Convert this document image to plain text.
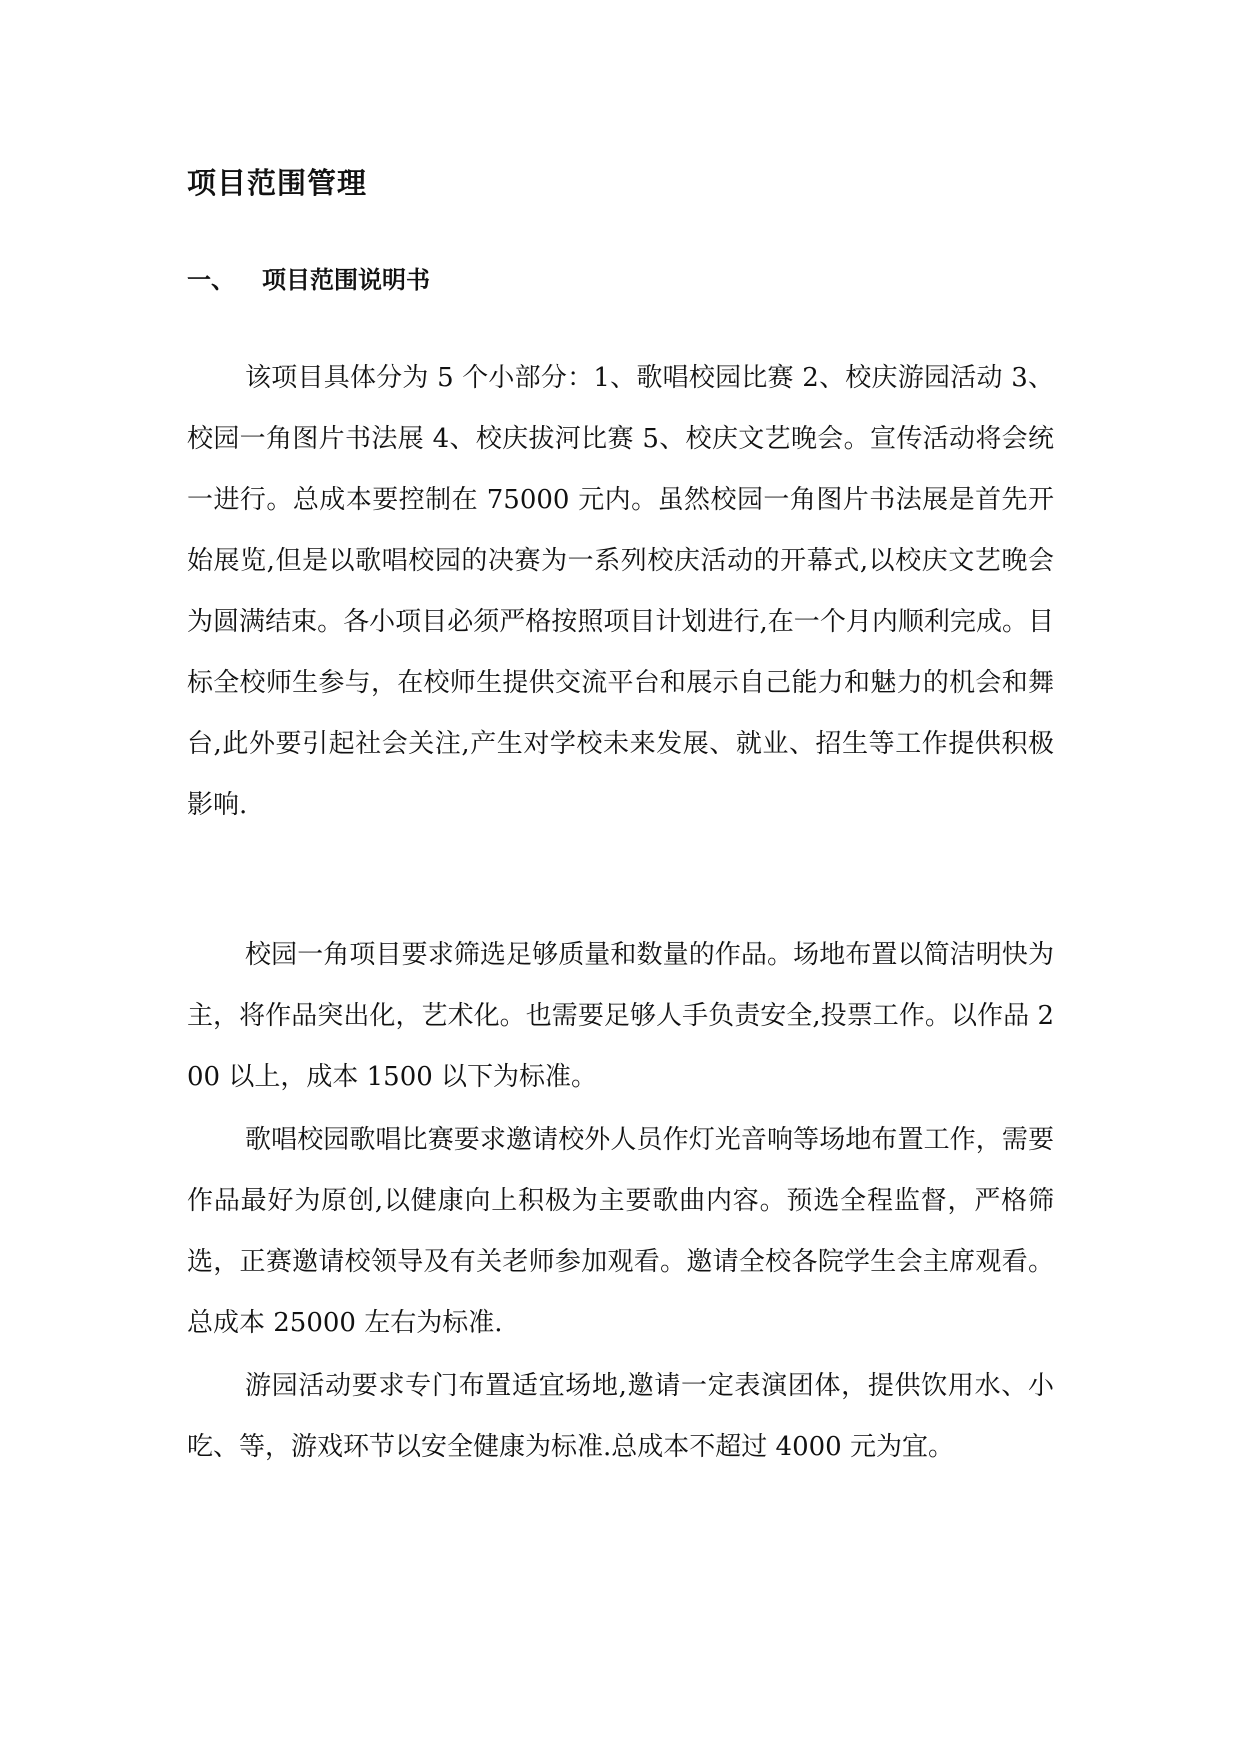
项目范围管理
一、 项目范围说明书

该项目具体分为 5 个小部分：1、歌唱校园比赛 2、校庆游园活动 3、校园一角图片书法展 4、校庆拔河比赛 5、校庆文艺晚会。宣传活动将会统一进行。总成本要控制在 75000 元内。虽然校园一角图片书法展是首先开始展览,但是以歌唱校园的决赛为一系列校庆活动的开幕式,以校庆文艺晚会为圆满结束。各小项目必须严格按照项目计划进行,在一个月内顺利完成。目标全校师生参与，在校师生提供交流平台和展示自己能力和魅力的机会和舞台,此外要引起社会关注,产生对学校未来发展、就业、招生等工作提供积极影响.

校园一角项目要求筛选足够质量和数量的作品。场地布置以简洁明快为主，将作品突出化，艺术化。也需要足够人手负责安全,投票工作。以作品 200 以上，成本 1500 以下为标准。

歌唱校园歌唱比赛要求邀请校外人员作灯光音响等场地布置工作，需要作品最好为原创,以健康向上积极为主要歌曲内容。预选全程监督，严格筛选，正赛邀请校领导及有关老师参加观看。邀请全校各院学生会主席观看。总成本 25000 左右为标准.

游园活动要求专门布置适宜场地,邀请一定表演团体，提供饮用水、小吃、等，游戏环节以安全健康为标准.总成本不超过 4000 元为宜。
